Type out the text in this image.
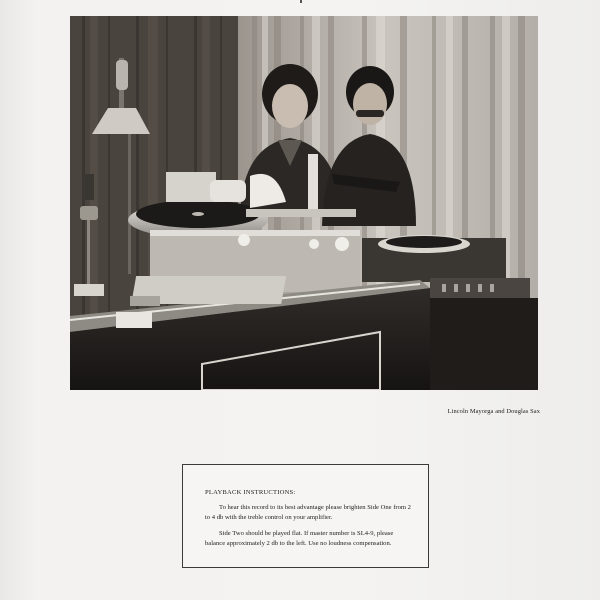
Lincoln Mayorga and Douglas Sax
PLAYBACK INSTRUCTIONS:
To hear this record to its best advantage please brighten Side One from 2 to 4 db with the treble control on your amplifier.
Side Two should be played flat. If master number is SL4-9, please balance approximately 2 db to the left. Use no loudness compensation.
